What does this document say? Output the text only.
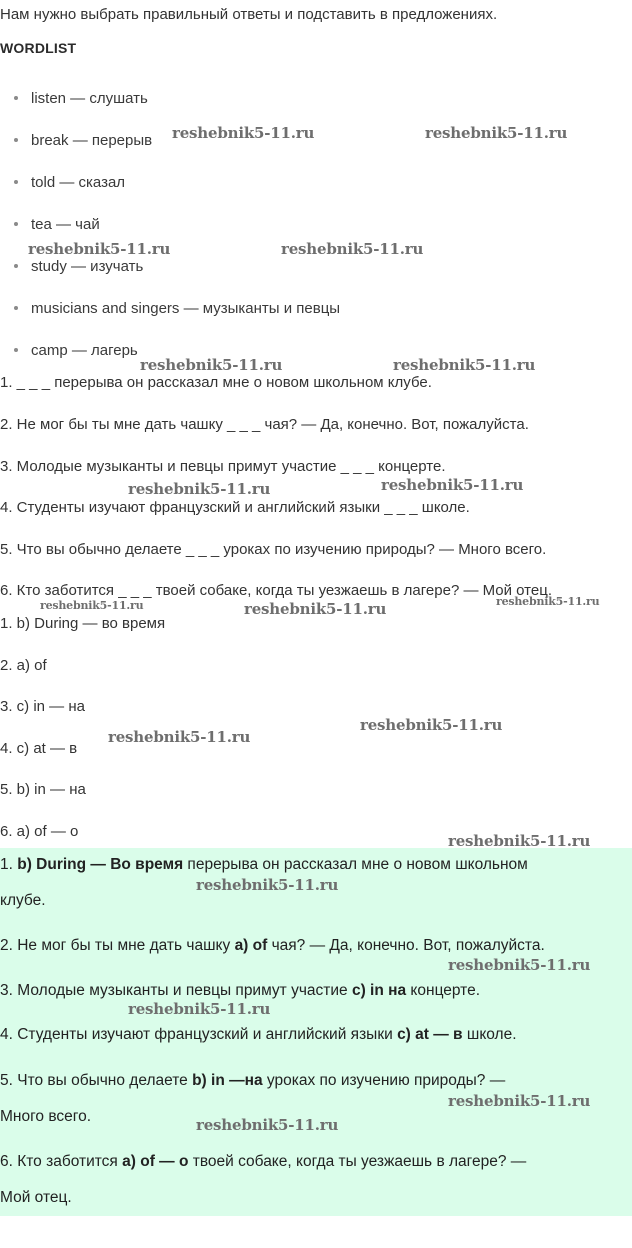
Нам нужно выбрать правильный ответы и подставить в предложениях.
WORDLIST
listen — слушать
break — перерыв
told — сказал
tea — чай
study — изучать
musicians and singers — музыканты и певцы
camp — лагерь
1. _ _ _ перерыва он рассказал мне о новом школьном клубе.
2. Не мог бы ты мне дать чашку _ _ _ чая? — Да, конечно. Вот, пожалуйста.
3. Молодые музыканты и певцы примут участие _ _ _ концерте.
4. Студенты изучают французский и английский языки _ _ _ школе.
5. Что вы обычно делаете _ _ _ уроках по изучению природы? — Много всего.
6. Кто заботится _ _ _ твоей собаке, когда ты уезжаешь в лагере? — Мой отец.
1. b) During — во время
2. a) of
3. c) in — на
4. c) at — в
5. b) in — на
6. a) of — о
1. b) During — Во время перерыва он рассказал мне о новом школьном
клубе.
2. Не мог бы ты мне дать чашку a) of чая? — Да, конечно. Вот, пожалуйста.
3. Молодые музыканты и певцы примут участие c) in на концерте.
4. Студенты изучают французский и английский языки c) at — в школе.
5. Что вы обычно делаете b) in —на уроках по изучению природы? —
Много всего.
6. Кто заботится a) of — о твоей собаке, когда ты уезжаешь в лагере? —
Мой отец.
reshebnik5-11.ru	reshebnik5-11.ru
reshebnik5-11.ru	reshebnik5-11.ru
reshebnik5-11.ru	reshebnik5-11.ru
reshebnik5-11.ru	reshebnik5-11.ru
reshebnik5-11.ru	reshebnik5-11.ru	reshebnik5-11.ru
reshebnik5-11.ru
reshebnik5-11.ru
reshebnik5-11.ru
reshebnik5-11.ru
reshebnik5-11.ru
reshebnik5-11.ru
reshebnik5-11.ru
reshebnik5-11.ru
